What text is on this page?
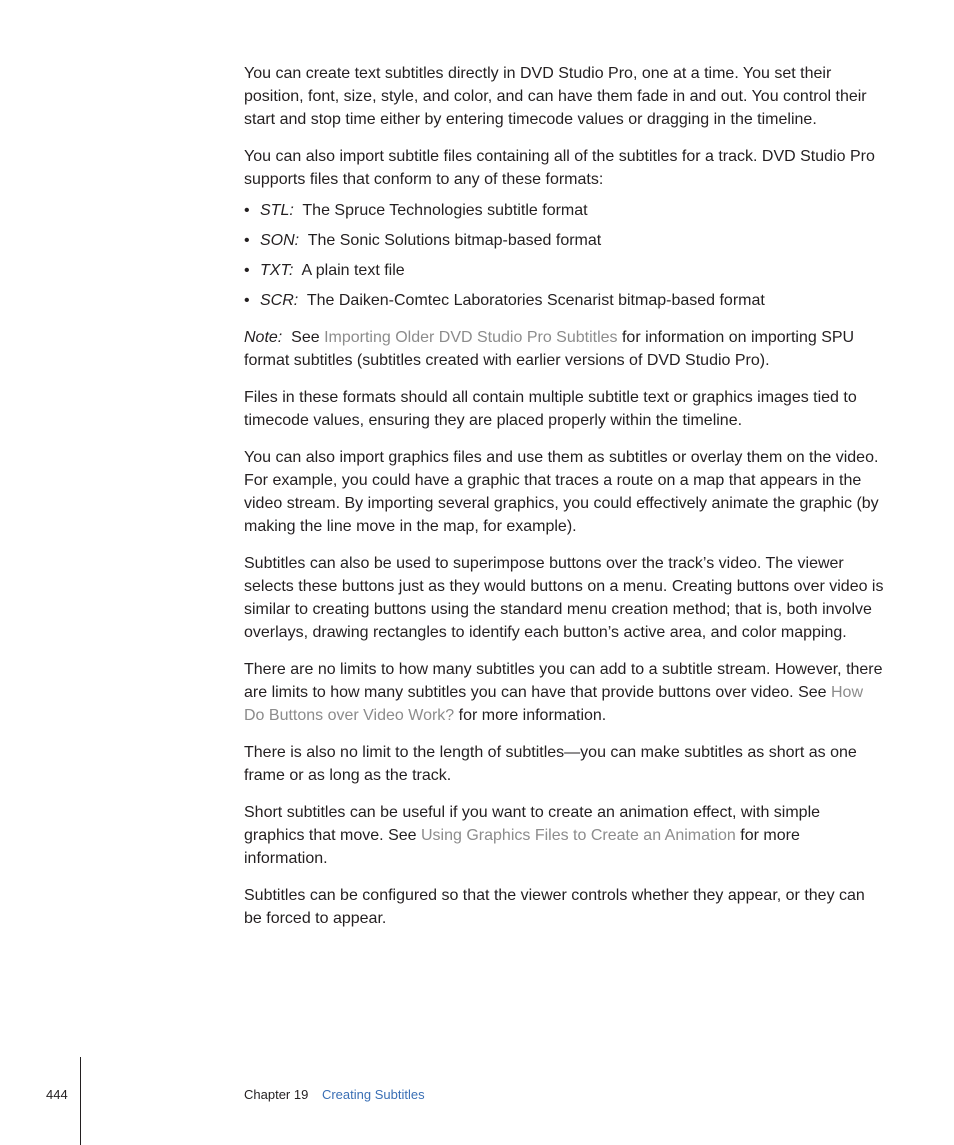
You can create text subtitles directly in DVD Studio Pro, one at a time. You set their position, font, size, style, and color, and can have them fade in and out. You control their start and stop time either by entering timecode values or dragging in the timeline.

You can also import subtitle files containing all of the subtitles for a track. DVD Studio Pro supports files that conform to any of these formats:

• STL: The Spruce Technologies subtitle format
• SON: The Sonic Solutions bitmap-based format
• TXT: A plain text file
• SCR: The Daiken-Comtec Laboratories Scenarist bitmap-based format

Note: See Importing Older DVD Studio Pro Subtitles for information on importing SPU format subtitles (subtitles created with earlier versions of DVD Studio Pro).

Files in these formats should all contain multiple subtitle text or graphics images tied to timecode values, ensuring they are placed properly within the timeline.

You can also import graphics files and use them as subtitles or overlay them on the video. For example, you could have a graphic that traces a route on a map that appears in the video stream. By importing several graphics, you could effectively animate the graphic (by making the line move in the map, for example).

Subtitles can also be used to superimpose buttons over the track’s video. The viewer selects these buttons just as they would buttons on a menu. Creating buttons over video is similar to creating buttons using the standard menu creation method; that is, both involve overlays, drawing rectangles to identify each button’s active area, and color mapping.

There are no limits to how many subtitles you can add to a subtitle stream. However, there are limits to how many subtitles you can have that provide buttons over video. See How Do Buttons over Video Work? for more information.

There is also no limit to the length of subtitles—you can make subtitles as short as one frame or as long as the track.

Short subtitles can be useful if you want to create an animation effect, with simple graphics that move. See Using Graphics Files to Create an Animation for more information.

Subtitles can be configured so that the viewer controls whether they appear, or they can be forced to appear.

444	Chapter 19 Creating Subtitles
